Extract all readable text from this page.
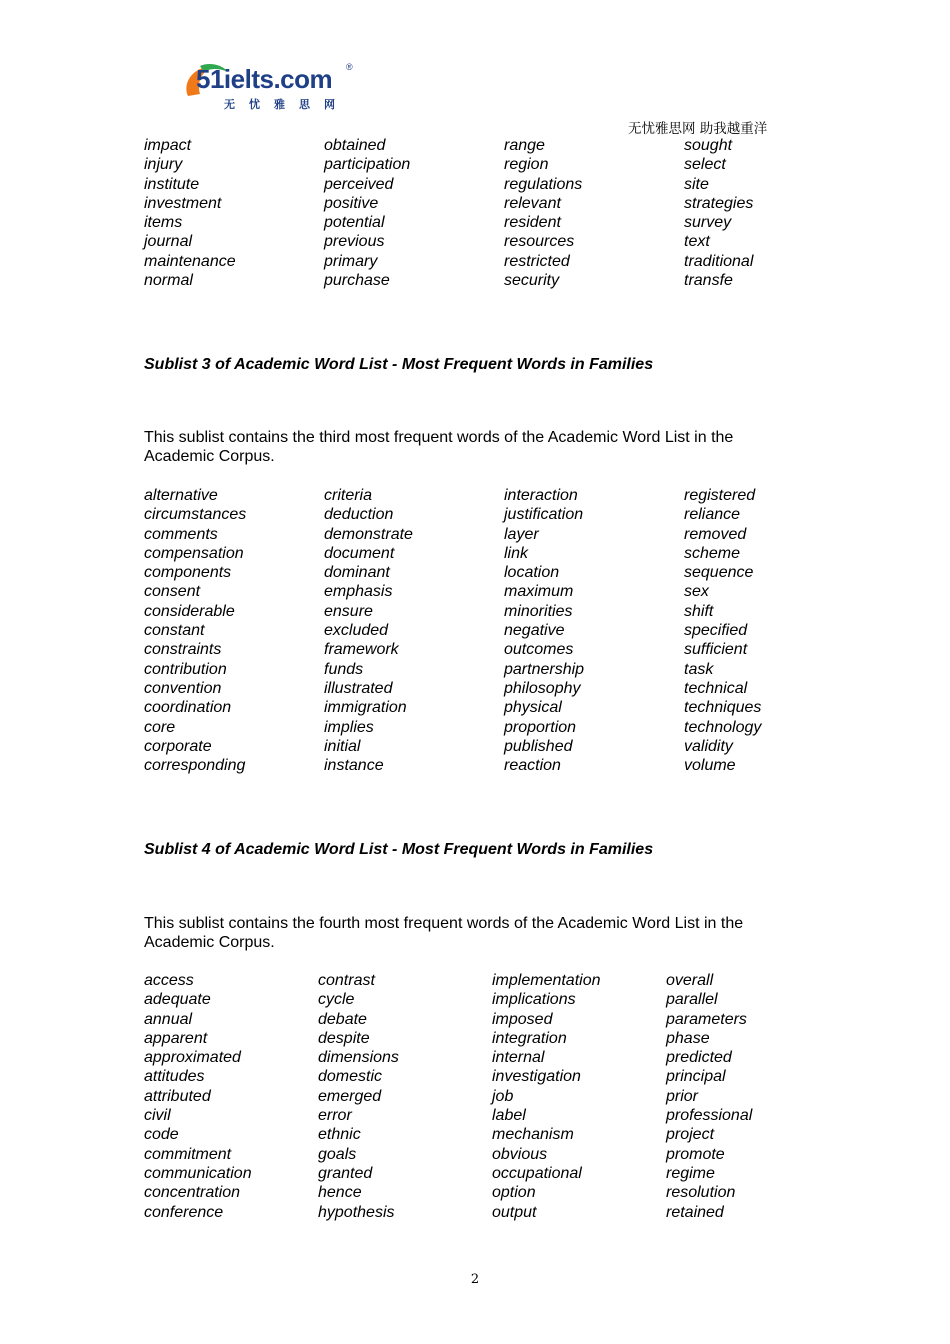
51ielts.com ®
无忧雅思网
无忧雅思网 助我越重洋
impact
injury
institute
investment
items
journal
maintenance
normal
obtained
participation
perceived
positive
potential
previous
primary
purchase
range
region
regulations
relevant
resident
resources
restricted
security
sought
select
site
strategies
survey
text
traditional
transfe
Sublist 3 of Academic Word List - Most Frequent Words in Families
This sublist contains the third most frequent words of the Academic Word List in the Academic Corpus.
alternative
circumstances
comments
compensation
components
consent
considerable
constant
constraints
contribution
convention
coordination
core
corporate
corresponding
criteria
deduction
demonstrate
document
dominant
emphasis
ensure
excluded
framework
funds
illustrated
immigration
implies
initial
instance
interaction
justification
layer
link
location
maximum
minorities
negative
outcomes
partnership
philosophy
physical
proportion
published
reaction
registered
reliance
removed
scheme
sequence
sex
shift
specified
sufficient
task
technical
techniques
technology
validity
volume
Sublist 4 of Academic Word List - Most Frequent Words in Families
This sublist contains the fourth most frequent words of the Academic Word List in the Academic Corpus.
access
adequate
annual
apparent
approximated
attitudes
attributed
civil
code
commitment
communication
concentration
conference
contrast
cycle
debate
despite
dimensions
domestic
emerged
error
ethnic
goals
granted
hence
hypothesis
implementation
implications
imposed
integration
internal
investigation
job
label
mechanism
obvious
occupational
option
output
overall
parallel
parameters
phase
predicted
principal
prior
professional
project
promote
regime
resolution
retained
2
